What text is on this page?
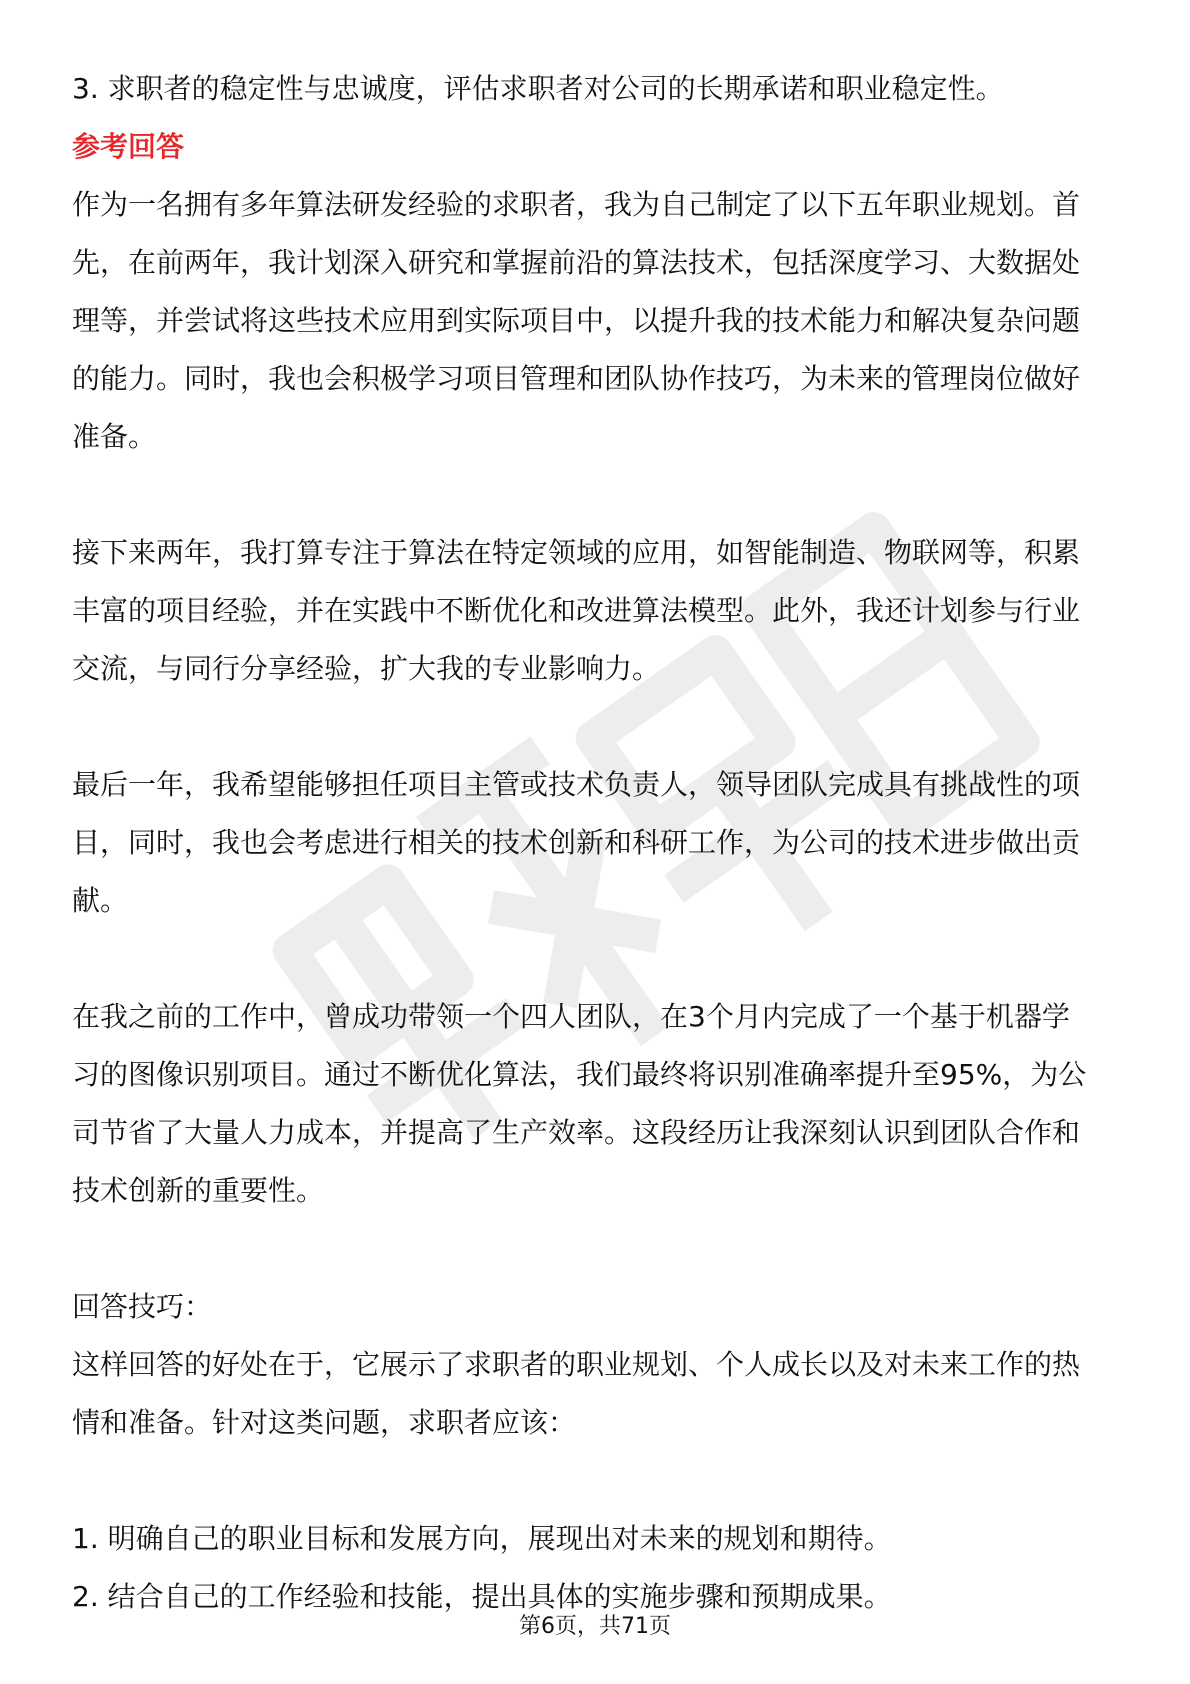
3. 求职者的稳定性与忠诚度，评估求职者对公司的长期承诺和职业稳定性。
参考回答
作为一名拥有多年算法研发经验的求职者，我为自己制定了以下五年职业规划。首
先，在前两年，我计划深入研究和掌握前沿的算法技术，包括深度学习、大数据处
理等，并尝试将这些技术应用到实际项目中，以提升我的技术能力和解决复杂问题
的能力。同时，我也会积极学习项目管理和团队协作技巧，为未来的管理岗位做好
准备。
接下来两年，我打算专注于算法在特定领域的应用，如智能制造、物联网等，积累
丰富的项目经验，并在实践中不断优化和改进算法模型。此外，我还计划参与行业
交流，与同行分享经验，扩大我的专业影响力。
最后一年，我希望能够担任项目主管或技术负责人，领导团队完成具有挑战性的项
目，同时，我也会考虑进行相关的技术创新和科研工作，为公司的技术进步做出贡
献。
在我之前的工作中，曾成功带领一个四人团队，在3个月内完成了一个基于机器学
习的图像识别项目。通过不断优化算法，我们最终将识别准确率提升至95%，为公
司节省了大量人力成本，并提高了生产效率。这段经历让我深刻认识到团队合作和
技术创新的重要性。
回答技巧：
这样回答的好处在于，它展示了求职者的职业规划、个人成长以及对未来工作的热
情和准备。针对这类问题，求职者应该：
1. 明确自己的职业目标和发展方向，展现出对未来的规划和期待。
2. 结合自己的工作经验和技能，提出具体的实施步骤和预期成果。
第6页，共71页
